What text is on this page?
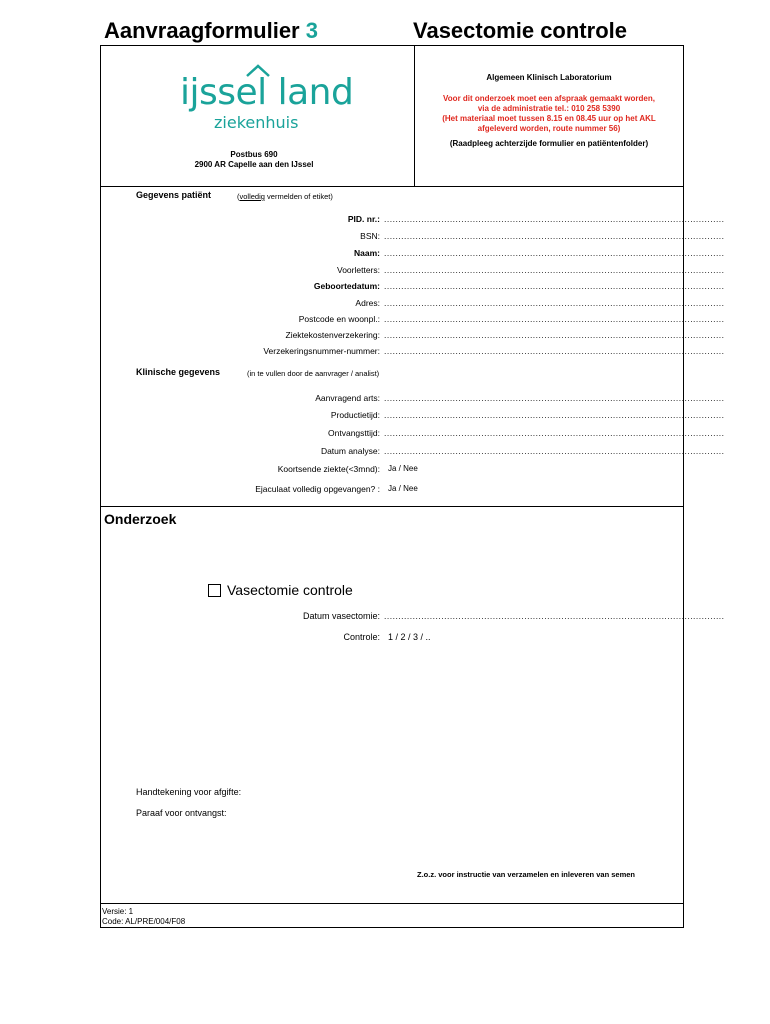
Aanvraagformulier 3	Vasectomie controle
ijssel land
ziekenhuis
Postbus 690
2900 AR Capelle aan den IJssel
Algemeen Klinisch Laboratorium
Voor dit onderzoek moet een afspraak gemaakt worden,
via de administratie tel.: 010 258 5390
(Het materiaal moet tussen 8.15 en 08.45 uur op het AKL
afgeleverd worden, route nummer 56)
(Raadpleeg achterzijde formulier en patiëntenfolder)
Gegevens patiënt	(volledig vermelden of etiket)
PID. nr.: .......................................................................................................................
BSN: .......................................................................................................................
Naam: .......................................................................................................................
Voorletters: .......................................................................................................................
Geboortedatum: .......................................................................................................................
Adres: .......................................................................................................................
Postcode en woonpl.: .......................................................................................................................
Ziektekostenverzekering: .......................................................................................................................
Verzekeringsnummer-nummer: .......................................................................................................................
Klinische gegevens	(in te vullen door de aanvrager / analist)
Aanvragend arts: .......................................................................................................................
Productietijd: .......................................................................................................................
Ontvangsttijd: .......................................................................................................................
Datum analyse: .......................................................................................................................
Koortsende ziekte(<3mnd): Ja / Nee
Ejaculaat volledig opgevangen? : Ja / Nee
Onderzoek
Vasectomie controle
Datum vasectomie: .......................................................................................................................
Controle: 1 / 2 / 3 / ..
Handtekening voor afgifte:
Paraaf voor ontvangst:
Z.o.z. voor instructie van verzamelen en inleveren van semen
Versie: 1
Code: AL/PRE/004/F08
